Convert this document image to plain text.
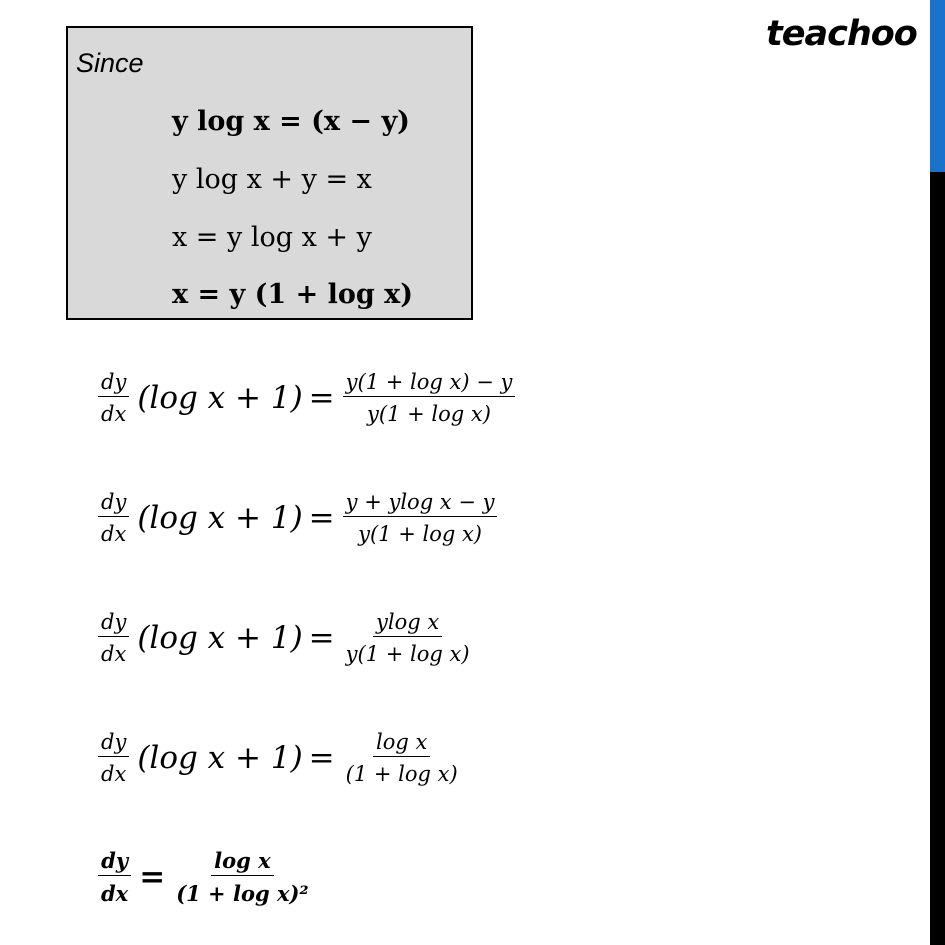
teachoo
Since
y log x = (x − y)
y log x + y = x
x = y log x + y
x = y (1 + log x)
$\frac{dy}{dx} (\log$ $x + 1) = \frac{\text{y(1 + log x) − y}}{\text{y(1 + log x)}}$
$\frac{dy}{dx} (\log$ $x + 1) = \frac{\text{y + ylog x − y}}{\text{y(1 + log x)}}$
$\frac{dy}{dx} (\log$ $x + 1) = \frac{\text{ylog x}}{\text{y(1 + log x)}}$
$\frac{dy}{dx} (\log$ $x + 1) = \frac{\text{log x}}{\text{(1 + log x)}}$
$\frac{dy}{dx} = \frac{\text{log x}}{\text{(1 + log x)²}}$
